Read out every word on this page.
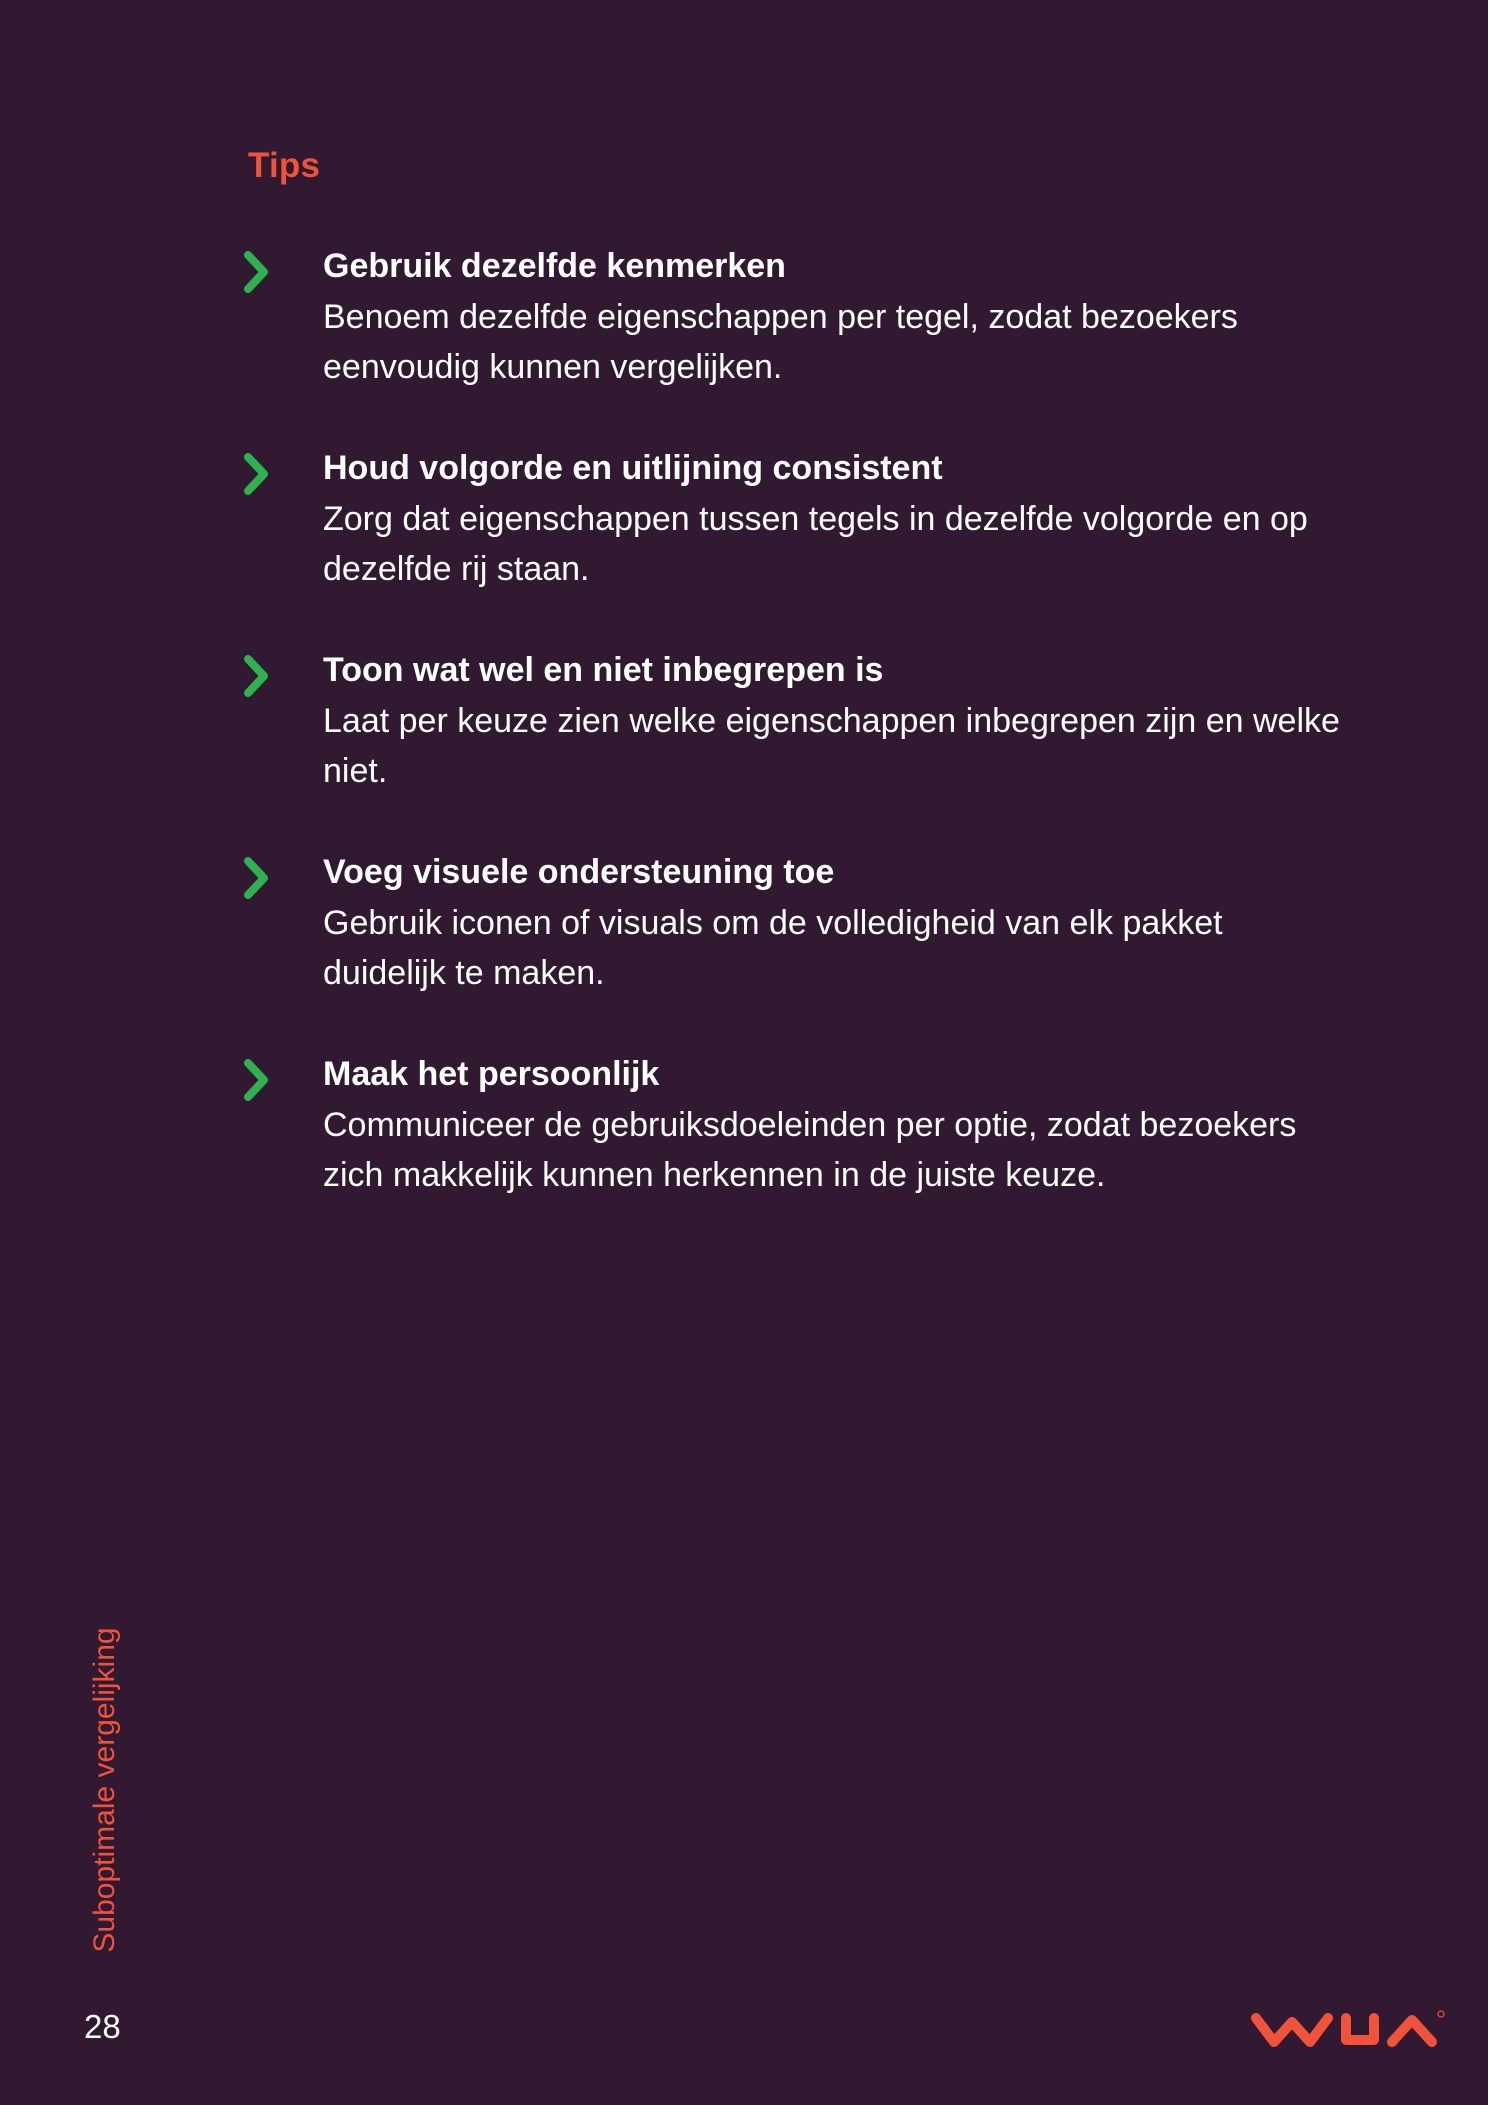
Tips
Gebruik dezelfde kenmerken
Benoem dezelfde eigenschappen per tegel, zodat bezoekers eenvoudig kunnen vergelijken.
Houd volgorde en uitlijning consistent
Zorg dat eigenschappen tussen tegels in dezelfde volgorde en op dezelfde rij staan.
Toon wat wel en niet inbegrepen is
Laat per keuze zien welke eigenschappen inbegrepen zijn en welke niet.
Voeg visuele ondersteuning toe
Gebruik iconen of visuals om de volledigheid van elk pakket duidelijk te maken.
Maak het persoonlijk
Communiceer de gebruiksdoeleinden per optie, zodat bezoekers zich makkelijk kunnen herkennen in de juiste keuze.
Suboptimale vergelijking
28
